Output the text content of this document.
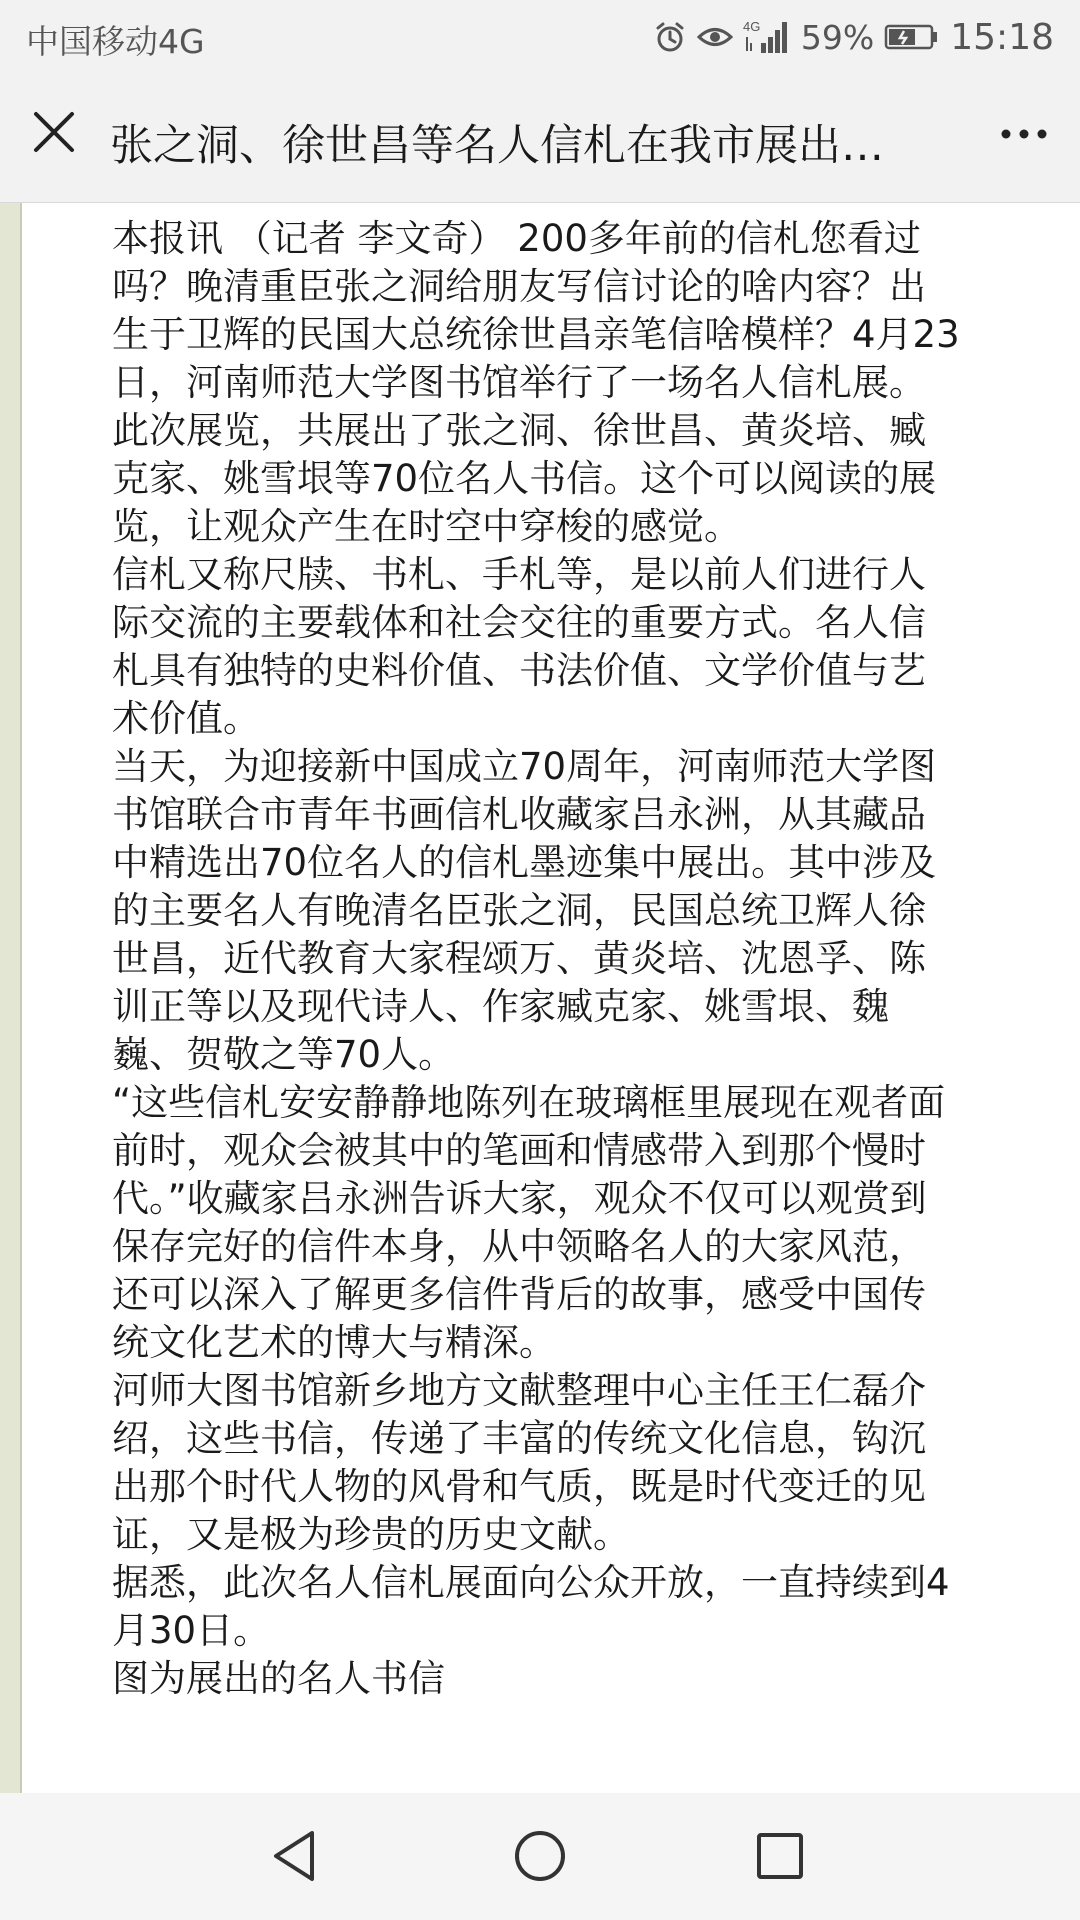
中国移动4G	4G 59% 15:18
张之洞、徐世昌等名人信札在我市展出…

本报讯 （记者 李文奇） 200多年前的信札您看过吗？晚清重臣张之洞给朋友写信讨论的啥内容？出生于卫辉的民国大总统徐世昌亲笔信啥模样？4月23日，河南师范大学图书馆举行了一场名人信札展。此次展览，共展出了张之洞、徐世昌、黄炎培、臧克家、姚雪垠等70位名人书信。这个可以阅读的展览，让观众产生在时空中穿梭的感觉。

信札又称尺牍、书札、手札等，是以前人们进行人际交流的主要载体和社会交往的重要方式。名人信札具有独特的史料价值、书法价值、文学价值与艺术价值。

当天，为迎接新中国成立70周年，河南师范大学图书馆联合市青年书画信札收藏家吕永洲，从其藏品中精选出70位名人的信札墨迹集中展出。其中涉及的主要名人有晚清名臣张之洞，民国总统卫辉人徐世昌，近代教育大家程颂万、黄炎培、沈恩孚、陈训正等以及现代诗人、作家臧克家、姚雪垠、魏巍、贺敬之等70人。

“这些信札安安静静地陈列在玻璃框里展现在观者面前时，观众会被其中的笔画和情感带入到那个慢时代。”收藏家吕永洲告诉大家，观众不仅可以观赏到保存完好的信件本身，从中领略名人的大家风范，还可以深入了解更多信件背后的故事，感受中国传统文化艺术的博大与精深。

河师大图书馆新乡地方文献整理中心主任王仁磊介绍，这些书信，传递了丰富的传统文化信息，钩沉出那个时代人物的风骨和气质，既是时代变迁的见证，又是极为珍贵的历史文献。

据悉，此次名人信札展面向公众开放，一直持续到4月30日。

图为展出的名人书信
